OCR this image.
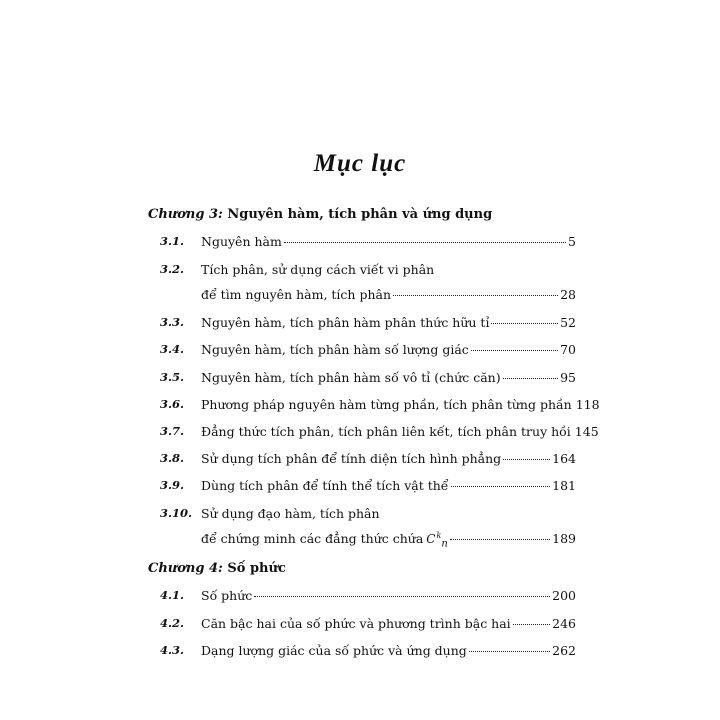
Mục lục
Chương 3: Nguyên hàm, tích phân và ứng dụng
3.1.	Nguyên hàm	5
3.2.	Tích phân, sử dụng cách viết vi phân
để tìm nguyên hàm, tích phân	28
3.3.	Nguyên hàm, tích phân hàm phân thức hữu tỉ	52
3.4.	Nguyên hàm, tích phân hàm số lượng giác	70
3.5.	Nguyên hàm, tích phân hàm số vô tỉ (chức căn)	95
3.6.	Phương pháp nguyên hàm từng phần, tích phân từng phần 118
3.7.	Đẳng thức tích phân, tích phân liên kết, tích phân truy hồi 145
3.8.	Sử dụng tích phân để tính diện tích hình phẳng	164
3.9.	Dùng tích phân để tính thể tích vật thể	181
3.10. Sử dụng đạo hàm, tích phân
để chứng minh các đẳng thức chứa $C^k_n$	189
Chương 4: Số phức
4.1.	Số phức	200
4.2.	Căn bậc hai của số phức và phương trình bậc hai	246
4.3.	Dạng lượng giác của số phức và ứng dụng	262
